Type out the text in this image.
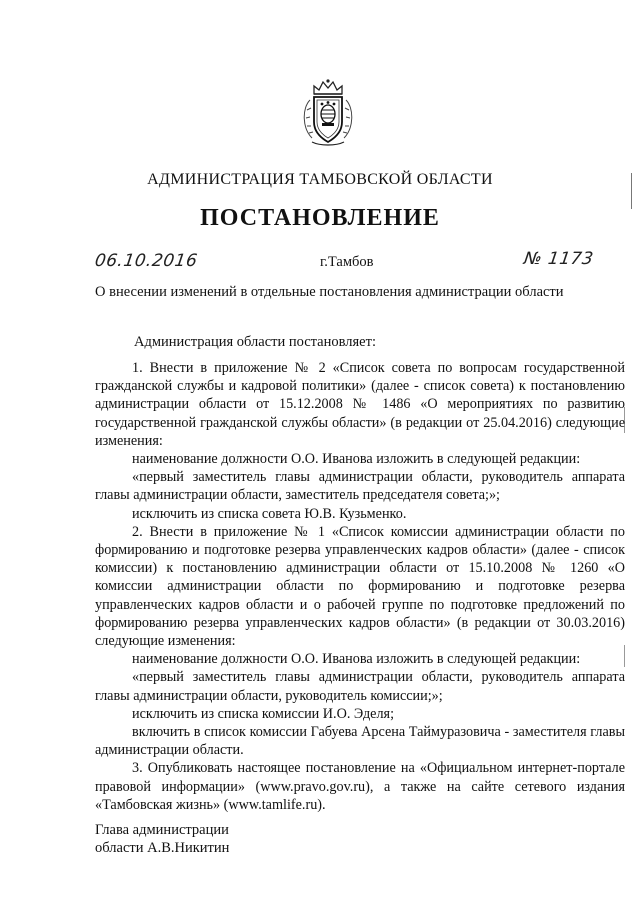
АДМИНИСТРАЦИЯ ТАМБОВСКОЙ ОБЛАСТИ
ПОСТАНОВЛЕНИЕ
06.10.2016	г.Тамбов	№ 1173
О внесении изменений в отдельные постановления администрации области
Администрация области постановляет:

1. Внести в приложение № 2 «Список совета по вопросам государственной гражданской службы и кадровой политики» (далее - список совета) к постановлению администрации области от 15.12.2008 № 1486 «О мероприятиях по развитию государственной гражданской службы области» (в редакции от 25.04.2016) следующие изменения:

наименование должности О.О. Иванова изложить в следующей редакции:

«первый заместитель главы администрации области, руководитель аппарата главы администрации области, заместитель председателя совета;»;

исключить из списка совета Ю.В. Кузьменко.

2. Внести в приложение № 1 «Список комиссии администрации области по формированию и подготовке резерва управленческих кадров области» (далее - список комиссии) к постановлению администрации области от 15.10.2008 № 1260 «О комиссии администрации области по формированию и подготовке резерва управленческих кадров области и о рабочей группе по подготовке предложений по формированию резерва управленческих кадров области» (в редакции от 30.03.2016) следующие изменения:

наименование должности О.О. Иванова изложить в следующей редакции:

«первый заместитель главы администрации области, руководитель аппарата главы администрации области, руководитель комиссии;»;

исключить из списка комиссии И.О. Эделя;

включить в список комиссии Габуева Арсена Таймуразовича - заместителя главы администрации области.

3. Опубликовать настоящее постановление на «Официальном интернет-портале правовой информации» (www.pravo.gov.ru), а также на сайте сетевого издания «Тамбовская жизнь» (www.tamlife.ru).

Глава администрации
области А.В.Никитин
